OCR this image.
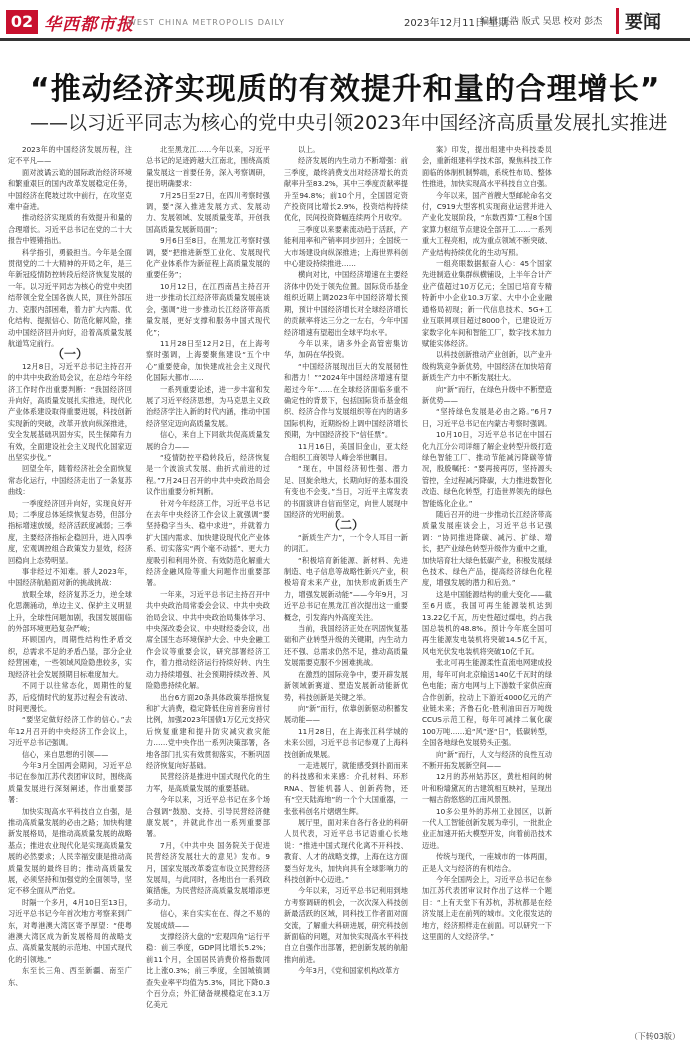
02 华西都市报
WEST CHINA METROPOLIS DAILY	2023年12月11日 星期一
编辑 王浩 版式 吴思 校对 彭杰	要闻
“推动经济实现质的有效提升和量的合理增长”
——以习近平同志为核心的党中央引领2023年中国经济高质量发展扎实推进

2023年的中国经济发展历程，注定不平凡——

面对波谲云诡的国际政治经济环境和繁重艰巨的国内改革发展稳定任务，中国经济在爬坡过坎中前行，在攻坚克难中奋进。

推动经济实现质的有效提升和量的合理增长。习近平总书记在党的二十大报告中铿锵指出。

科学指引，勇毅担当。今年是全面贯彻党的二十大精神的开局之年，是三年新冠疫情防控转段后经济恢复发展的一年。以习近平同志为核心的党中央团结带领全党全国各族人民，顶住外部压力、克服内部困难，着力扩大内需、优化结构、提振信心、防范化解风险，推动中国经济回升向好，沿着高质量发展航道笃定前行。

（一）

12月8日，习近平总书记主持召开的中共中央政治局会议，在总结今年经济工作时作出重要判断：“我国经济回升向好，高质量发展扎实推进，现代化产业体系建设取得重要进展，科技创新实现新的突破，改革开放向纵深推进，安全发展基础巩固夯实，民生保障有力有效，全面建设社会主义现代化国家迈出坚实步伐。”

回望全年，随着经济社会全面恢复常态化运行，中国经济走出了一条复苏曲线：

一季度经济回升向好，实现良好开局；二季度总体延续恢复态势，但部分指标增速放缓，经济活跃度减弱；三季度，主要经济指标企稳回升，进入四季度，宏观调控组合政策发力显效，经济回稳向上态势明显。

事非经过不知难。骄人2023年，中国经济航船面对新的挑战挑战：

放眼全球，经济复苏乏力，逆全球化思潮涌动，单边主义、保护主义明显上升，全球性问题加剧，我国发展面临的外部环境更趋复杂严峻；

环顾国内，周期性结构性矛盾交织，总需求不足的矛盾凸显，部分企业经营困难，一些领域风险隐患较多，实现经济社会发展预期目标难度加大。

不同于以往常态化，周期性的复苏，后疫情时代的复苏过程会有波动、时间更漫长。

“要坚定做好经济工作的信心。”去年12月召开的中央经济工作会议上，习近平总书记强调。

信心，来自思想的引领——

今年3月全国两会期间，习近平总书记在参加江苏代表团审议时，围绕高质量发展进行深刻阐述，作出重要部署：

加快实现高水平科技自立自强，是推动高质量发展的必由之路；加快构建新发展格局，是推动高质量发展的战略基点；推进农业现代化是实现高质量发展的必然要求；人民幸福安康是推动高质量发展的最终目的；推动高质量发展，必须坚持和加强党的全面领导，坚定不移全面从严治党。

时隔一个多月，4月10日至13日，习近平总书记今年首次地方考察来到广东，对粤港澳大湾区寄予厚望：“使粤港澳大湾区成为新发展格局的战略支点、高质量发展的示范地、中国式现代化的引领地。”

东至长三角、西至新疆、南至广东、

北至黑龙江……今年以来，习近平总书记的足迹跨越大江南北，围绕高质量发展这一首要任务，深入考察调研，提出明确要求：

7月25日至27日，在四川考察时强调，要“深入推进发展方式、发展动力、发展领域、发展质量变革，开创我国高质量发展新局面”；

9月6日至8日，在黑龙江考察时强调，要“把推进新型工业化、发展现代化产业体系作为新征程上高质量发展的重要任务”；

10月12日，在江西南昌主持召开进一步推动长江经济带高质量发展座谈会，强调“进一步推动长江经济带高质量发展，更好支撑和服务中国式现代化”；

11月28日至12月2日，在上海考察时强调，上海要聚焦建设“五个中心”重要使命，加快建成社会主义现代化国际大都市……

一系列重要论述，进一步丰富和发展了习近平经济思想，为马克思主义政治经济学注入新的时代内涵，推动中国经济坚定迈向高质量发展。

信心，来自上下同欲共促高质量发展的合力——

“疫情防控平稳转段后，经济恢复是一个波浪式发展、曲折式前进的过程。”7月24日召开的中共中央政治局会议作出重要分析判断。

针对今年经济工作，习近平总书记在去年中央经济工作会议上就强调“要坚持稳字当头、稳中求进”，并就着力扩大国内需求、加快建设现代化产业体系、切实落实“两个毫不动摇”、更大力度吸引和利用外资、有效防范化解重大经济金融风险等重大问题作出重要部署。

一年来，习近平总书记主持召开中共中央政治局常委会会议、中共中央政治局会议、中共中央政治局集体学习、中央深改委会议、中央财经委会议，出席全国生态环境保护大会、中央金融工作会议等重要会议，研究部署经济工作，着力推动经济运行持续好转、内生动力持续增强、社会预期持续改善、风险隐患持续化解。

出台6方面20条具体政策举措恢复和扩大消费，稳定降低住房首套房首付比例，加强2023年国债1万亿元支持灾后恢复重建和提升防灾减灾救灾能力……党中央作出一系列决策部署，各地各部门扎实有效贯彻落实，不断巩固经济恢复向好基础。

民营经济是推进中国式现代化的生力军，是高质量发展的重要基础。

今年以来，习近平总书记在多个场合强调“鼓励、支持、引导民营经济健康发展”，并就此作出一系列重要部署。

7月，《中共中央 国务院关于促进民营经济发展壮大的意见》发布。9月，国家发展改革委宣布设立民营经济发展局，与此同时，各地出台一系列政策措施，为民营经济高质量发展增添更多动力。

信心，来自实实在在、得之不易的发展成绩——

支撑经济大盘的“宏观四角”运行平稳：前三季度，GDP同比增长5.2%；前11个月，全国居民消费价格指数同比上涨0.3%；前三季度，全国城镇调查失业率平均值为5.3%，同比下降0.3个百分点；外汇储备规模稳定在3.1万亿美元

以上。

经济发展的内生动力不断增强：前三季度，最终消费支出对经济增长的贡献率升至83.2%，其中三季度贡献率提升至94.8%；前10个月，全国固定资产投资同比增长2.9%，投资结构持续优化，民间投资降幅连续两个月收窄。

三季度以来要素流动趋于活跃，产能利用率和产销率同步回升；全国统一大市场建设向纵深推进；上海世界科创中心建设持续推进……

横向对比，中国经济增速在主要经济体中仍处于领先位置。国际货币基金组织近期上调2023年中国经济增长预期，预计中国经济增长对全球经济增长的贡献率将达三分之一左右，今年中国经济增速有望超出全球平均水平。

今年以来，诸多外企高管密集访华，加码在华投资。

“中国经济展现出巨大的发展韧性和潜力！”“2024年中国经济增速有望超过今年”……在全球经济面临多重不确定性的背景下，包括国际货币基金组织、经济合作与发展组织等在内的诸多国际机构，近期纷纷上调中国经济增长预期，为中国经济投下“信任票”。

11月16日，美国旧金山，亚太经合组织工商领导人峰会举世瞩目。

“现在，中国经济韧性强、潜力足、回旋余地大，长期向好的基本面没有变也不会变。”当日，习近平主席发表的书面演讲自信而坚定，向世人展现中国经济的光明前景。

（二）

“新质生产力”，一个令人耳目一新的词汇。

“积极培育新能源、新材料、先进制造、电子信息等战略性新兴产业，积极培育未来产业，加快形成新质生产力，增强发展新动能”——今年9月，习近平总书记在黑龙江首次提出这一重要概念，引发海内外高度关注。

当前，我国经济正处在巩固恢复基础和产业转型升级的关键期，内生动力还不强、总需求仍然不足，推动高质量发展需要克服不少困难挑战。

在激烈的国际竞争中，要开辟发展新领域新赛道、塑造发展新动能新优势，科技创新是关键之举。

向“新”而行，依靠创新驱动积蓄发展动能——

11月28日，在上海张江科学城的未来公园，习近平总书记参观了上海科技创新成果展。

一走进展厅，就能感受到扑面而来的科技感和未来感：介孔材料、环形RNA、智能机器人、创新药物，还有“空天陆海地”的一个个大国重器，一张张科创名片熠熠生辉。

展厅里，面对来自各行各业的科研人员代表，习近平总书记语重心长地说：“推进中国式现代化离不开科技、教育、人才的战略支撑，上海在这方面要当好龙头，加快向具有全球影响力的科技创新中心迈进。”

今年以来，习近平总书记利用到地方考察调研的机会，一次次深入科技创新最活跃的区域，同科技工作者面对面交流，了解重大科研进展，研究科技创新面临的问题，对加快实现高水平科技自立自强作出部署，把创新发展的航船推向前进。

今年3月，《党和国家机构改革方

案》印发，提出组建中央科技委员会，重新组建科学技术部，聚焦科技工作面临的体制机制弊端，系统性布局、整体性推进，加快实现高水平科技自立自强。

今年以来，国产首艘大型邮轮命名交付，C919大型客机实现商业运营并进入产业化发展阶段，“东数西算”工程8个国家算力枢纽节点建设全部开工……一系列重大工程亮相，成为重点领域不断突破、产业结构持续优化的生动写照。

一组亮眼数据振奋人心：45个国家先进制造业集群纵横铺设，上半年合计产业产值超过10万亿元；全国已培育专精特新中小企业10.3万家、大中小企业融通格局初现；新一代信息技术、5G+工业互联网项目超过8000个，已建设近万家数字化车间和智能工厂，数字技术加力赋能实体经济。

以科技创新推动产业创新，以产业升级构筑竞争新优势，中国经济在加快培育新质生产力中不断发展壮大。

向“新”而行，在绿色升级中不断塑造新优势——

“坚持绿色发展是必由之路。”6月7日，习近平总书记在内蒙古考察时强调。

10月10日，习近平总书记在中国石化九江分公司详细了解企业转型升级打造绿色智能工厂、推动节能减污降碳等情况，殷殷嘱托：“要再接再厉，坚持源头管控，全过程减污降碳，大力推进数智化改造、绿色化转型，打造世界领先的绿色智能炼化企业。”

随后召开的进一步推动长江经济带高质量发展座谈会上，习近平总书记强调：“协同推进降碳、减污、扩绿、增长，把产业绿色转型升级作为重中之重，加快培育壮大绿色低碳产业，积极发展绿色技术、绿色产品，提高经济绿色化程度，增强发展的潜力和后劲。”

这是中国能源结构的重大变化——截至6月底，我国可再生能源装机达到13.22亿千瓦，历史性超过煤电，约占我国总装机的48.8%。预计今年底全国可再生能源发电装机将突破14.5亿千瓦，风电光伏发电装机将突破10亿千瓦。

张北可再生能源柔性直流电网建成投用，每年可向北京输送140亿千瓦时的绿色电能；南方电网与上下游数千家供应商合作创新，拉动上下游近4000亿元的产业链未来；齐鲁石化-胜利油田百万吨级CCUS示范工程，每年可减排二氧化碳100万吨……追“风”逐“日”，低碳转型，全国各地绿色发展势头正强。

向“新”而行，人文与经济的良性互动不断开拓发展新空间——

12月的苏州姑苏区，黄杜相间的树叶和粉墙黛瓦的古建筑相互映衬，呈现出一幅古韵悠悠的江南风景图。

10多公里外的苏州工业园区，以新一代人工智能创新发展为牵引，一批批企业正加速开拓大模型开发，向着前沿技术迈进。

传统与现代，一座城市的一体两面，正是人文与经济的有机结合。

今年全国两会上，习近平总书记在参加江苏代表团审议时作出了这样一个题目：“上有天堂下有苏杭，苏杭都是在经济发展上走在前列的城市。文化很发达的地方，经济照样走在前面。可以研究一下这里面的人文经济学。”

（下转03版）
